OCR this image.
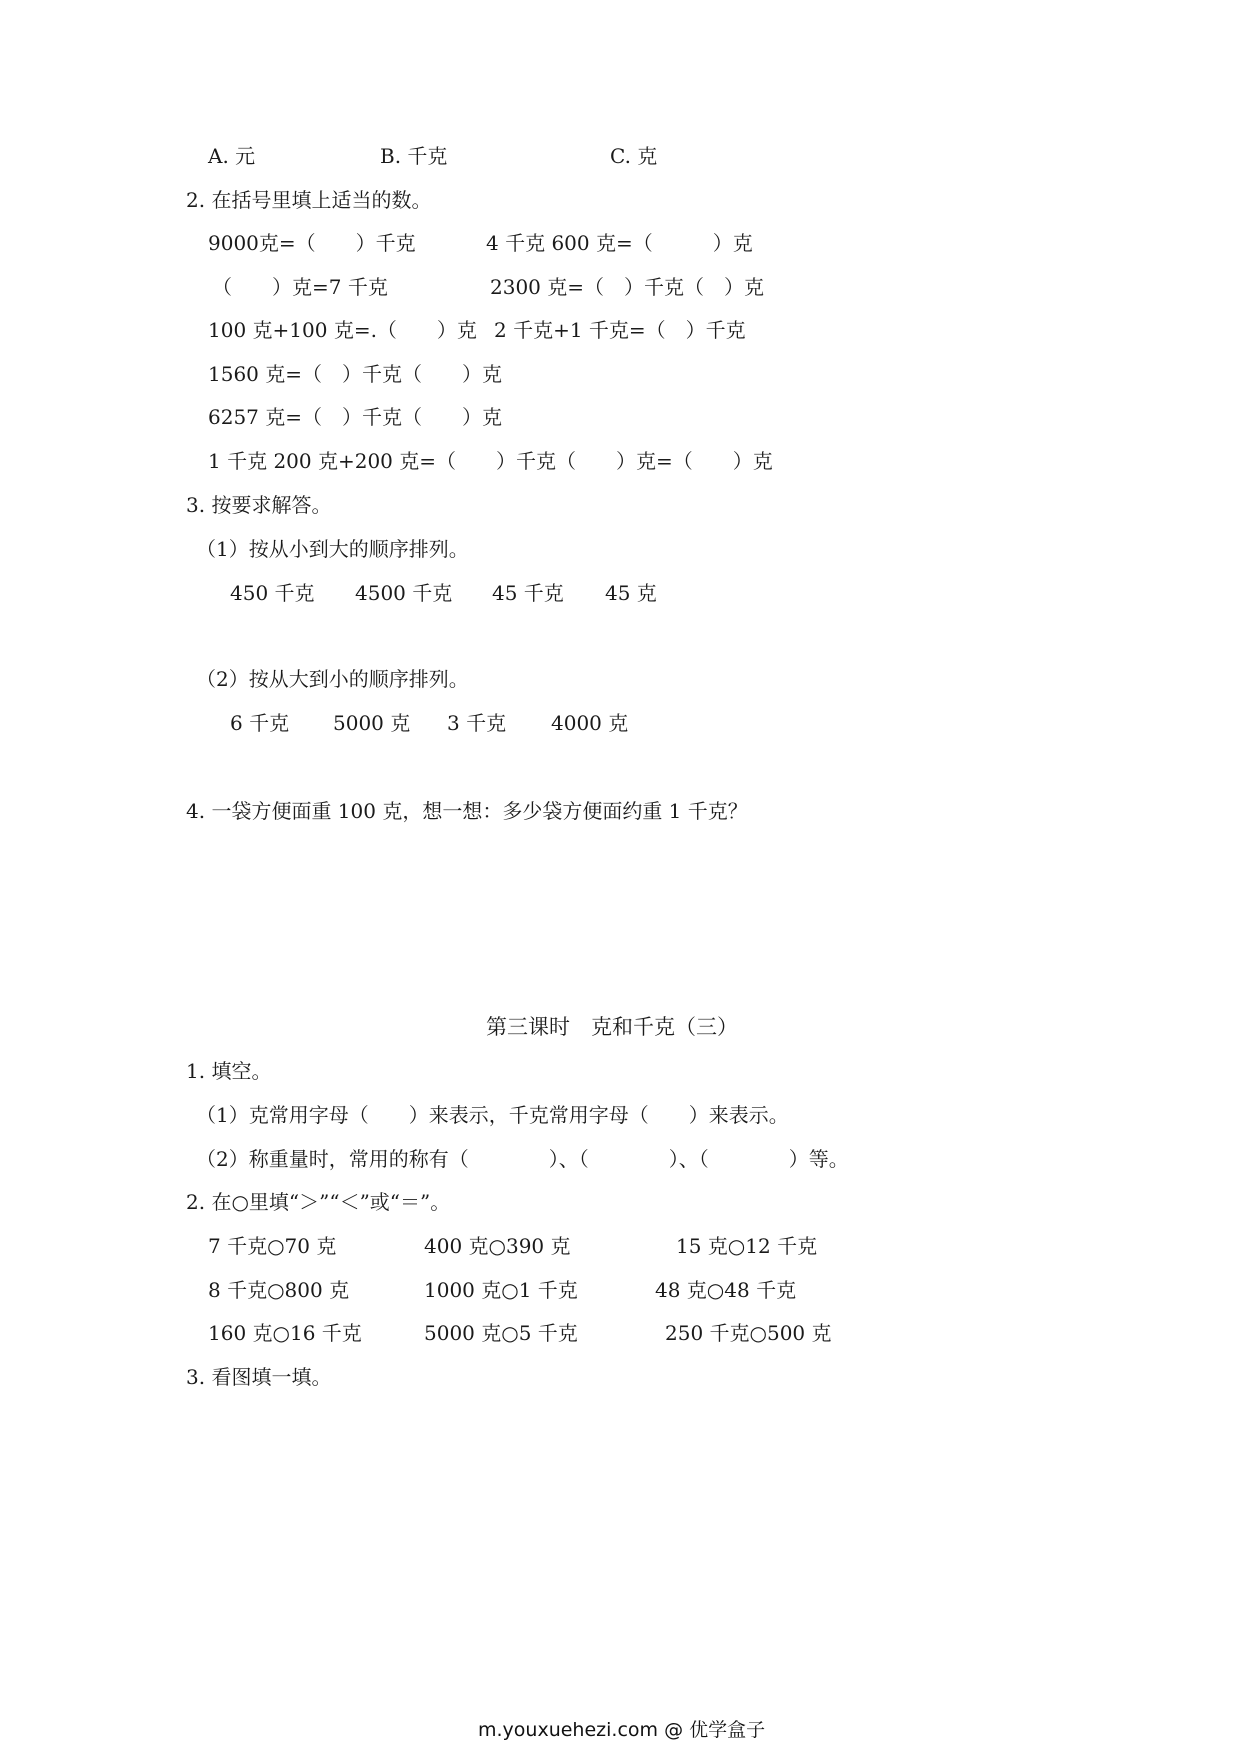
A. 元	B. 千克	C. 克
2. 在括号里填上适当的数。
9000克=（　　）千克	4 千克 600 克=（　　　）克
（　　）克=7 千克	2300 克=（　）千克（　）克
100 克+100 克=.（　　）克 2 千克+1 千克=（　）千克
1560 克=（　）千克（　　）克
6257 克=（　）千克（　　）克
1 千克 200 克+200 克=（　　）千克（　　）克=（　　）克
3. 按要求解答。
（1）按从小到大的顺序排列。
450 千克 4500 千克 45 千克 45 克
（2）按从大到小的顺序排列。
6 千克 5000 克 3 千克 4000 克
4. 一袋方便面重 100 克，想一想：多少袋方便面约重 1 千克？
第三课时　克和千克（三）
1. 填空。
（1）克常用字母（　　）来表示，千克常用字母（　　）来表示。
（2）称重量时，常用的称有（　　　　）、（　　　　）、（　　　　）等。
2. 在○里填“＞”“＜”或“＝”。
7 千克○70 克	400 克○390 克	15 克○12 千克
8 千克○800 克	1000 克○1 千克	48 克○48 千克
160 克○16 千克	5000 克○5 千克	250 千克○500 克
3. 看图填一填。
m.youxuehezi.com @ 优学盒子
